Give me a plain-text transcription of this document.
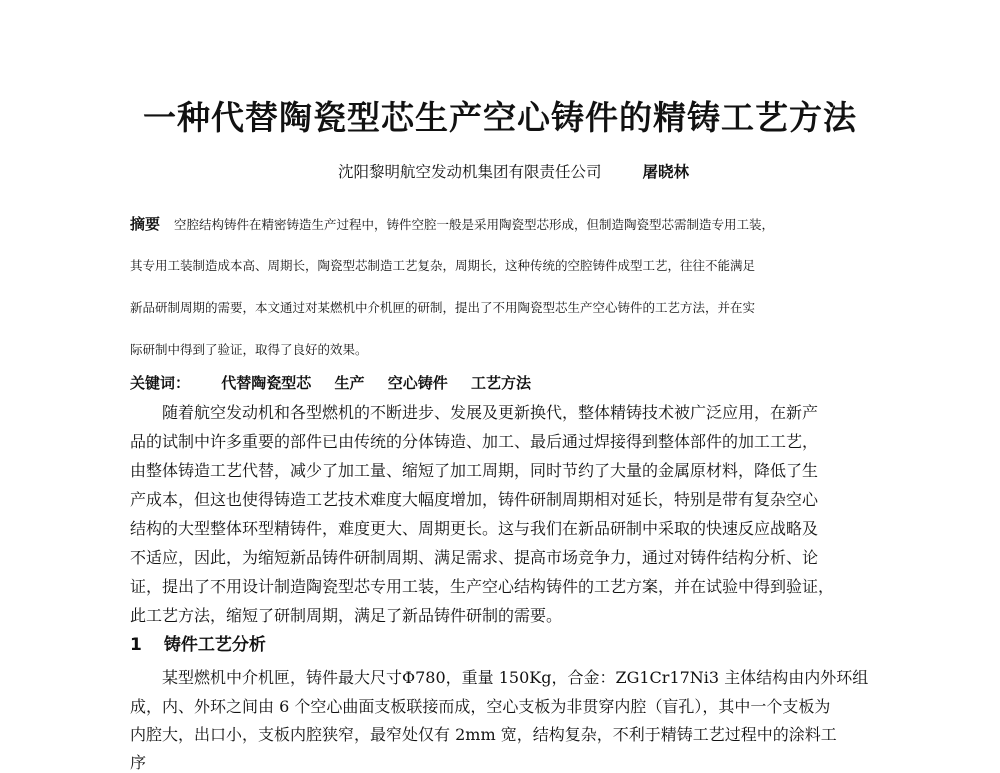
一种代替陶瓷型芯生产空心铸件的精铸工艺方法
沈阳黎明航空发动机集团有限责任公司	屠晓林
摘要 空腔结构铸件在精密铸造生产过程中，铸件空腔一般是采用陶瓷型芯形成，但制造陶瓷型芯需制造专用工装，
其专用工装制造成本高、周期长，陶瓷型芯制造工艺复杂，周期长，这种传统的空腔铸件成型工艺，往往不能满足
新品研制周期的需要，本文通过对某燃机中介机匣的研制，提出了不用陶瓷型芯生产空心铸件的工艺方法，并在实
际研制中得到了验证，取得了良好的效果。
关键词： 代替陶瓷型芯 生产 空心铸件 工艺方法
随着航空发动机和各型燃机的不断进步、发展及更新换代，整体精铸技术被广泛应用，在新产
品的试制中许多重要的部件已由传统的分体铸造、加工、最后通过焊接得到整体部件的加工工艺，
由整体铸造工艺代替，减少了加工量、缩短了加工周期，同时节约了大量的金属原材料，降低了生
产成本，但这也使得铸造工艺技术难度大幅度增加，铸件研制周期相对延长，特别是带有复杂空心
结构的大型整体环型精铸件，难度更大、周期更长。这与我们在新品研制中采取的快速反应战略及
不适应，因此，为缩短新品铸件研制周期、满足需求、提高市场竞争力，通过对铸件结构分析、论
证，提出了不用设计制造陶瓷型芯专用工装，生产空心结构铸件的工艺方案，并在试验中得到验证，
此工艺方法，缩短了研制周期，满足了新品铸件研制的需要。
1 铸件工艺分析
某型燃机中介机匣，铸件最大尺寸Φ780，重量 150Kg，合金：ZG1Cr17Ni3 主体结构由内外环组
成，内、外环之间由 6 个空心曲面支板联接而成，空心支板为非贯穿内腔（盲孔），其中一个支板为
内腔大，出口小，支板内腔狭窄，最窄处仅有 2mm 宽，结构复杂，不利于精铸工艺过程中的涂料工
序
